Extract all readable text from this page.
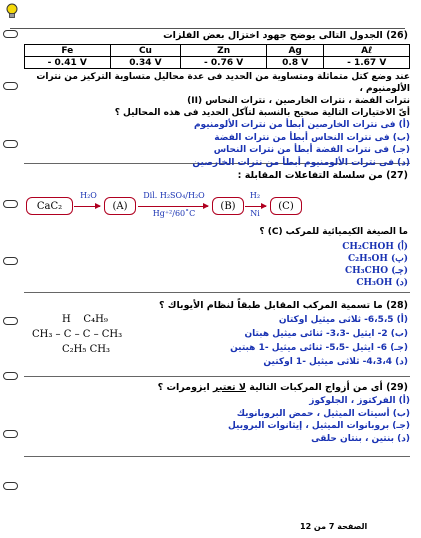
(26) الجدول التالى يوضح جهود اختزال بعض الفلزات
Fe	Cu	Zn	Ag	Aℓ
- 0.41 V	0.34 V	- 0.76 V	0.8 V	- 1.67 V
عند وضع كتل متماثلة ومتساوية من الحديد فى عدة محاليل متساوية التركيز من نترات الألومنيوم ،
نترات الفضة ، نترات الخارصين ، نترات النحاس (II)
أىّ الاختيارات التالية صحيح بالنسبة لتآكل الحديد فى هذه المحاليل ؟
(أ) فى نترات الخارصين أبطأ من نترات الألومنيوم
(ب) فى نترات النحاس أبطأ من نترات الفضة
(جـ) فى نترات الفضة أبطأ من نترات النحاس
(د) فى نترات الألومنيوم أبطأ من نترات الخارصين
(27) من سلسلة التفاعلات المقابلة :
CaC₂
H₂O
→	(A)
Dil. H₂SO₄/H₂O
Hg⁺²/60˚C
(B)
H₂
Ni
(C)
ما الصيغة الكيميائية للمركب (C) ؟
(أ) CH₂CHOH
(ب) C₂H₅OH
(جـ) CH₃CHO
(د) CH₃OH
(28) ما تسمية المركب المقابل طبقاً لنظام الأيوباك ؟
H    C₄H₉
CH₃ – C – C – CH₃
C₂H₅ CH₃
(أ) 6،5،5- ثلاثى ميثيل اوكتان
(ب) 2- ايثيل -3،3- ثنائى ميثيل هبتان
(جـ) 6- ايثيل -5،5- ثنائى ميثيل -1 هبتين
(د) 4،3،4- ثلاثى ميثيل -1 اوكتين
(29) أى من أزواج المركبات التالية لا تعتبر ايزومرات ؟
(أ) الفركتوز ، الجلوكوز
(ب) أسيتات الميثيل ، حمض البروبانويك
(جـ) بروبانوات الميثيل ، إيثانوات البروبيل
(د) بنتين ، بنتان حلقى
الصفحة 7 من 12
